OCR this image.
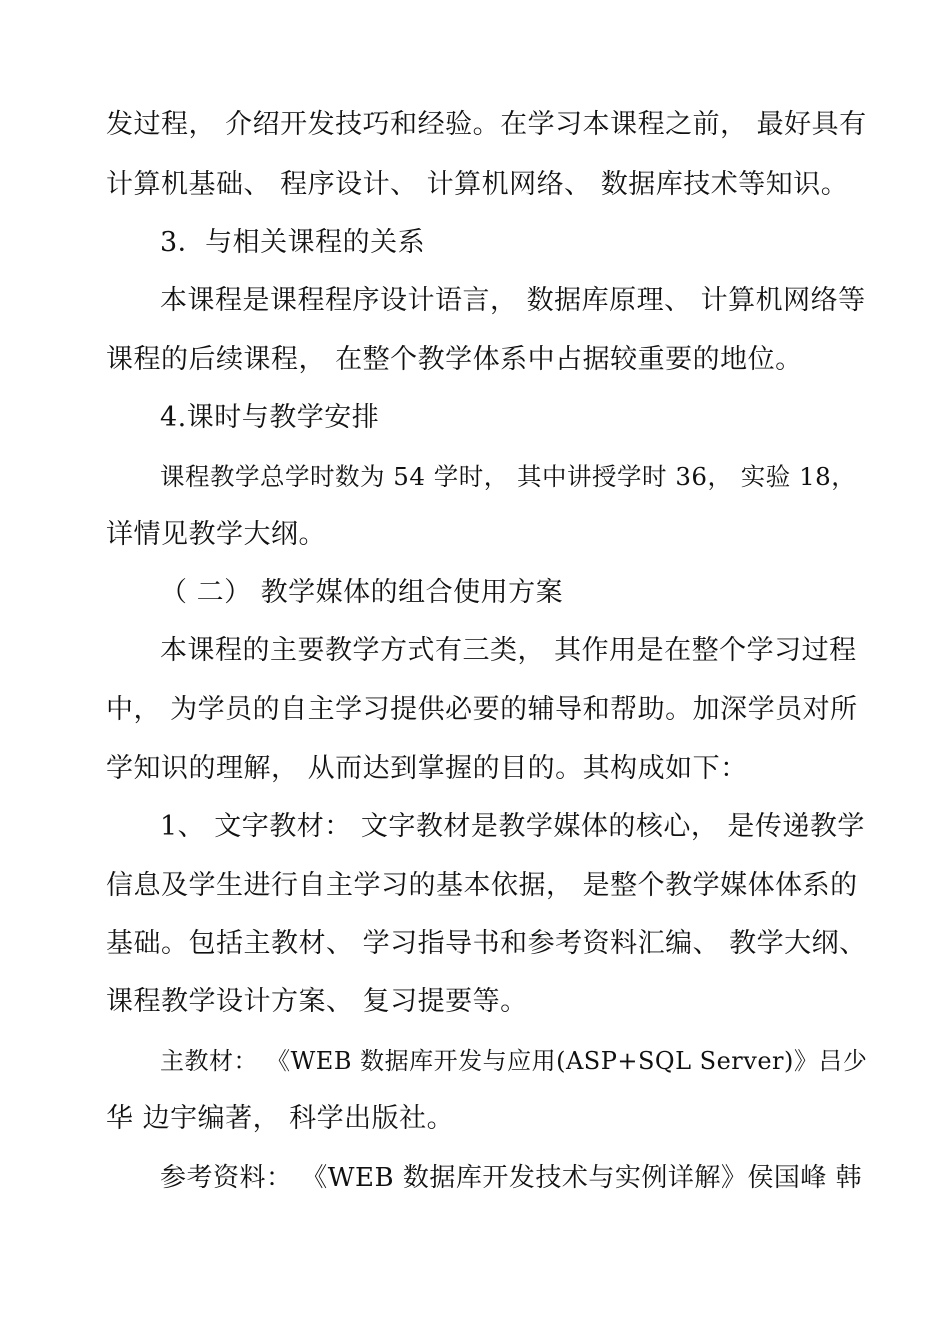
发过程， 介绍开发技巧和经验。在学习本课程之前， 最好具有
计算机基础、 程序设计、 计算机网络、 数据库技术等知识。
3．与相关课程的关系
本课程是课程程序设计语言， 数据库原理、 计算机网络等
课程的后续课程， 在整个教学体系中占据较重要的地位。
4.课时与教学安排
课程教学总学时数为 54 学时， 其中讲授学时 36， 实验 18，
详情见教学大纲。
（ 二） 教学媒体的组合使用方案
本课程的主要教学方式有三类， 其作用是在整个学习过程
中， 为学员的自主学习提供必要的辅导和帮助。加深学员对所
学知识的理解， 从而达到掌握的目的。其构成如下：
1、 文字教材： 文字教材是教学媒体的核心， 是传递教学
信息及学生进行自主学习的基本依据， 是整个教学媒体体系的
基础。包括主教材、 学习指导书和参考资料汇编、 教学大纲、
课程教学设计方案、 复习提要等。
主教材： 《WEB 数据库开发与应用(ASP+SQL Server)》吕少
华 边宇编著， 科学出版社。
参考资料： 《WEB 数据库开发技术与实例详解》侯国峰 韩
